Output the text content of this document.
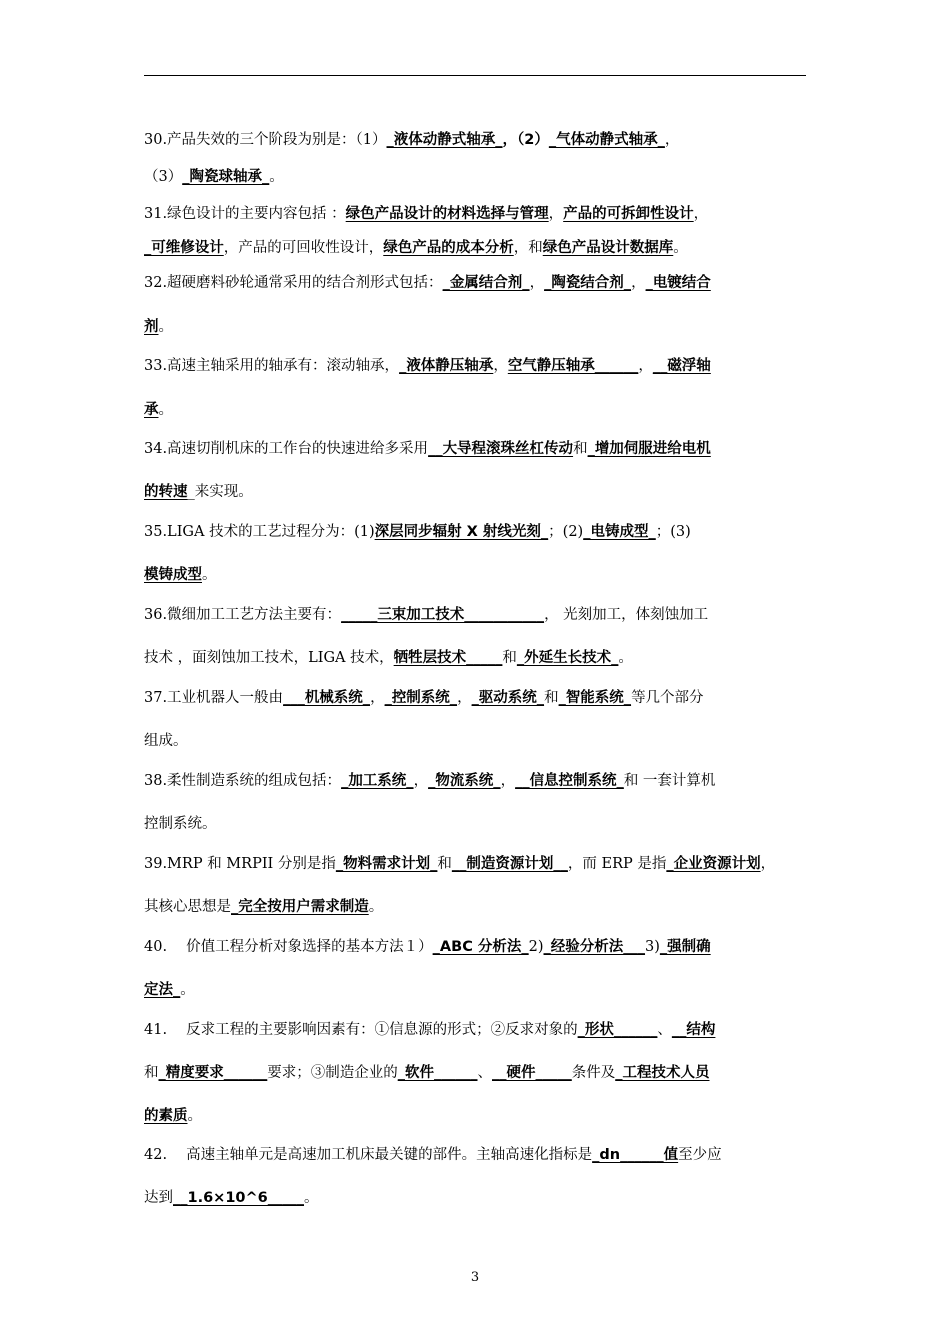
30.产品失效的三个阶段为别是：（1）_液体动静式轴承_，（2）_气体动静式轴承_，
（3）_陶瓷球轴承_。
31.绿色设计的主要内容包括 ：绿色产品设计的材料选择与管理，产品的可拆卸性设计，
_可维修设计，产品的可回收性设计，绿色产品的成本分析，和绿色产品设计数据库。
32.超硬磨料砂轮通常采用的结合剂形式包括：_金属结合剂_，_陶瓷结合剂_，_电镀结合
剂。
33.高速主轴采用的轴承有：滚动轴承，_液体静压轴承，空气静压轴承______，__磁浮轴
承。
34.高速切削机床的工作台的快速进给多采用__大导程滚珠丝杠传动和_增加伺服进给电机
的转速_来实现。
35.LIGA 技术的工艺过程分为：(1)深层同步辐射 X 射线光刻_；(2)_电铸成型_；(3)
模铸成型。
36.微细加工工艺方法主要有：_____三束加工技术___________， 光刻加工，体刻蚀加工
技术 ，面刻蚀加工技术，LIGA 技术，牺牲层技术_____和_外延生长技术_。
37.工业机器人一般由___机械系统_，_控制系统_，_驱动系统_和_智能系统_等几个部分
组成。
38.柔性制造系统的组成包括：_加工系统_，_物流系统_，__信息控制系统_和 一套计算机
控制系统。
39.MRP 和 MRPII 分别是指_物料需求计划_和__制造资源计划__，而 ERP 是指_企业资源计划，
其核心思想是_完全按用户需求制造。
40.　 价值工程分析对象选择的基本方法１）_ABC 分析法_2)_经验分析法___3)_强制确
定法_。
41.　 反求工程的主要影响因素有：①信息源的形式；②反求对象的_形状______、__结构
和_精度要求______要求；③制造企业的_软件______、__硬件_____条件及_工程技术人员
的素质。
42.　 高速主轴单元是高速加工机床最关键的部件。主轴高速化指标是_dn______值至少应
达到__1.6×10^6_____。
3
